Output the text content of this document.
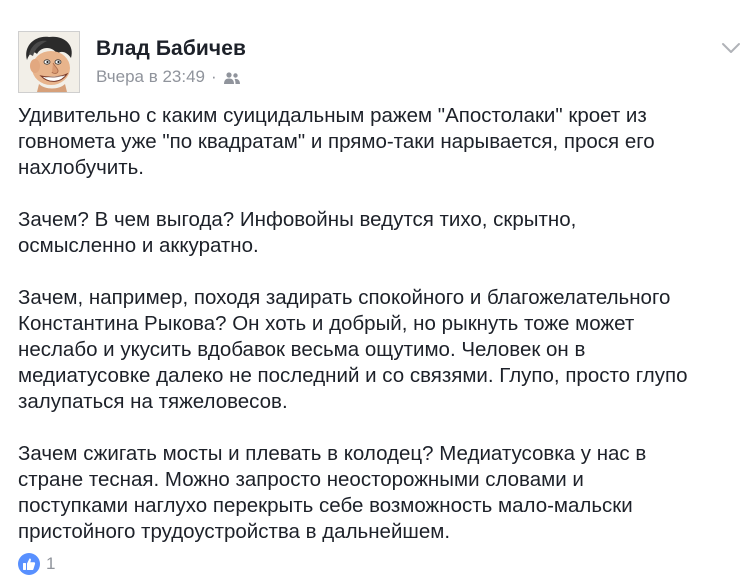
Влад Бабичев
Вчера в 23:49 ·

Удивительно с каким суицидальным ражем "Апостолаки" кроет из
говномета уже "по квадратам" и прямо-таки нарывается, прося его
нахлобучить.

Зачем? В чем выгода? Инфовойны ведутся тихо, скрытно,
осмысленно и аккуратно.

Зачем, например, походя задирать спокойного и благожелательного
Константина Рыкова? Он хоть и добрый, но рыкнуть тоже может
неслабо и укусить вдобавок весьма ощутимо. Человек он в
медиатусовке далеко не последний и со связями. Глупо, просто глупо
залупаться на тяжеловесов.

Зачем сжигать мосты и плевать в колодец? Медиатусовка у нас в
стране тесная. Можно запросто неосторожными словами и
поступками наглухо перекрыть себе возможность мало-мальски
пристойного трудоустройства в дальнейшем.

1
